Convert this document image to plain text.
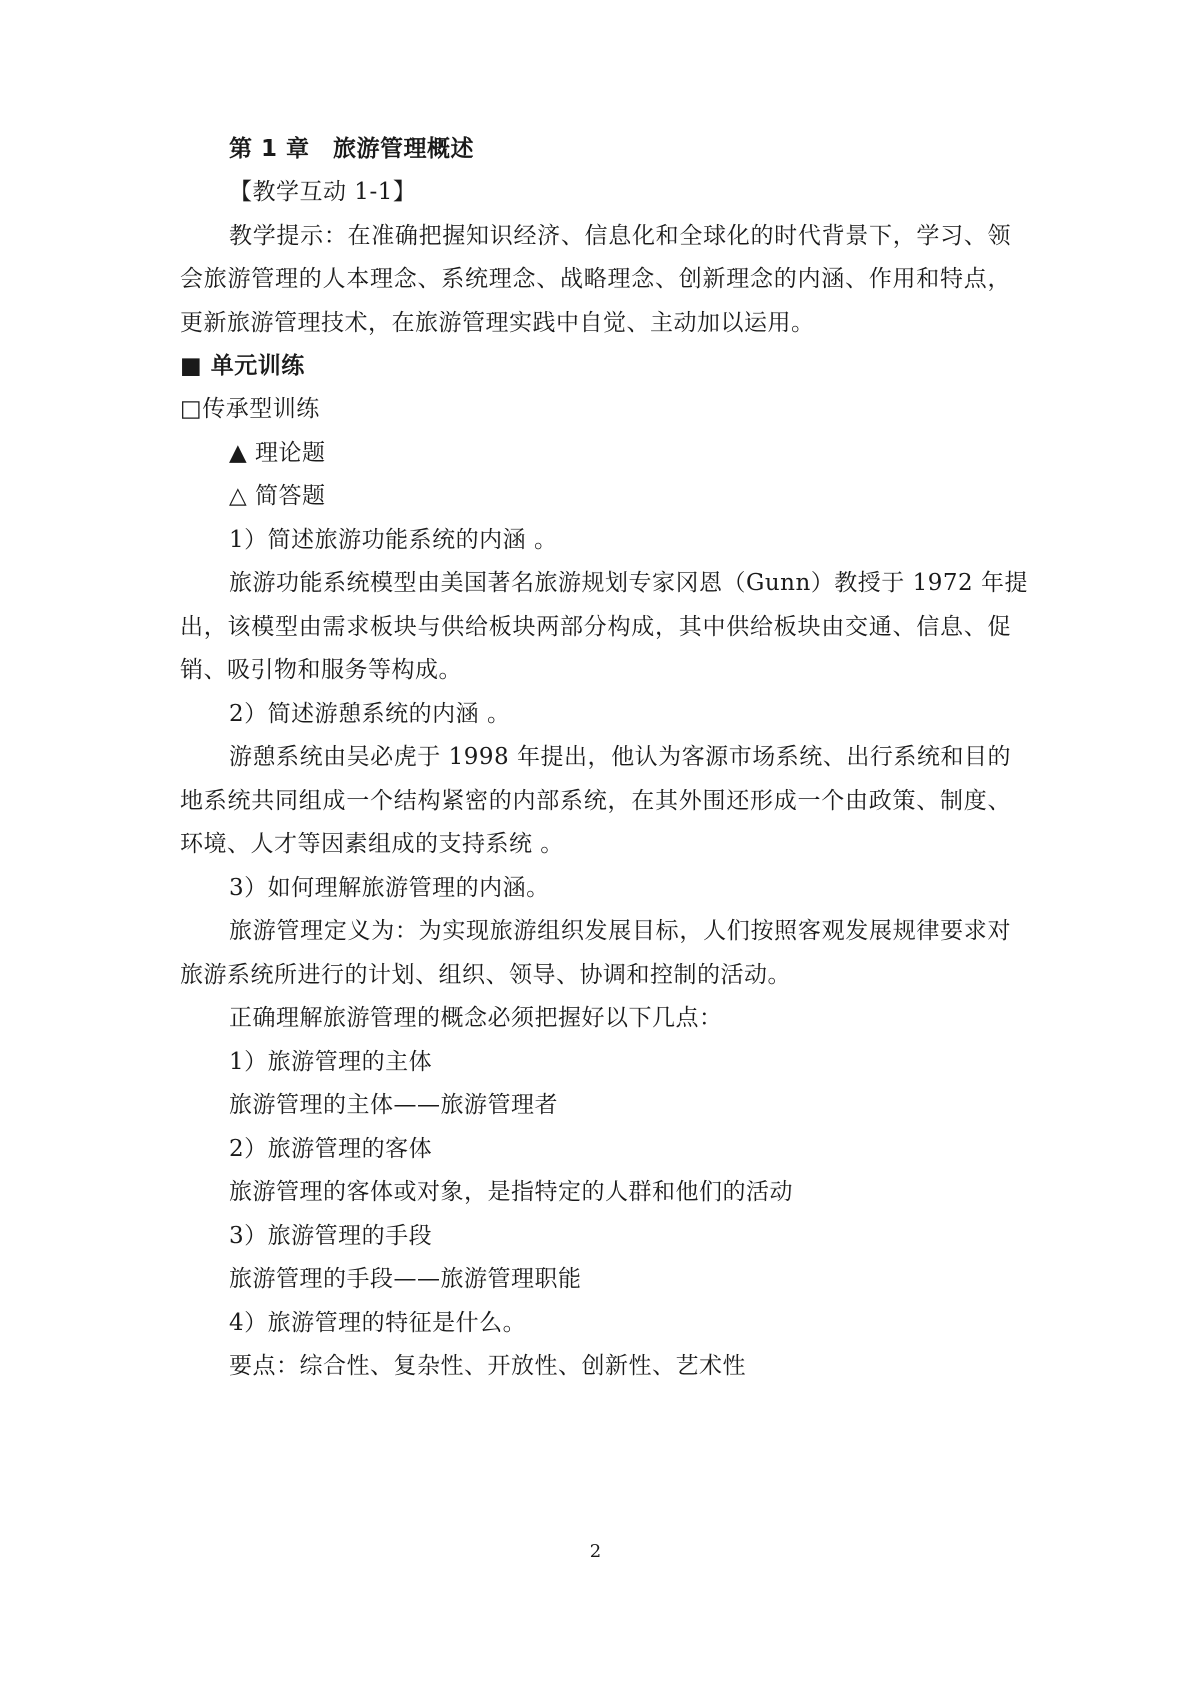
第 1 章　旅游管理概述
【教学互动 1-1】
教学提示：在准确把握知识经济、信息化和全球化的时代背景下，学习、领
会旅游管理的人本理念、系统理念、战略理念、创新理念的内涵、作用和特点，
更新旅游管理技术，在旅游管理实践中自觉、主动加以运用。
■ 单元训练
□传承型训练
▲ 理论题
△ 简答题
1）简述旅游功能系统的内涵 。
旅游功能系统模型由美国著名旅游规划专家冈恩（Gunn）教授于 1972 年提
出，该模型由需求板块与供给板块两部分构成，其中供给板块由交通、信息、促
销、吸引物和服务等构成。
2）简述游憩系统的内涵 。
游憩系统由吴必虎于 1998 年提出，他认为客源市场系统、出行系统和目的
地系统共同组成一个结构紧密的内部系统，在其外围还形成一个由政策、制度、
环境、人才等因素组成的支持系统 。
3）如何理解旅游管理的内涵。
旅游管理定义为：为实现旅游组织发展目标，人们按照客观发展规律要求对
旅游系统所进行的计划、组织、领导、协调和控制的活动。
正确理解旅游管理的概念必须把握好以下几点：
1）旅游管理的主体
旅游管理的主体——旅游管理者
2）旅游管理的客体
旅游管理的客体或对象，是指特定的人群和他们的活动
3）旅游管理的手段
旅游管理的手段——旅游管理职能
4）旅游管理的特征是什么。
要点：综合性、复杂性、开放性、创新性、艺术性
2
